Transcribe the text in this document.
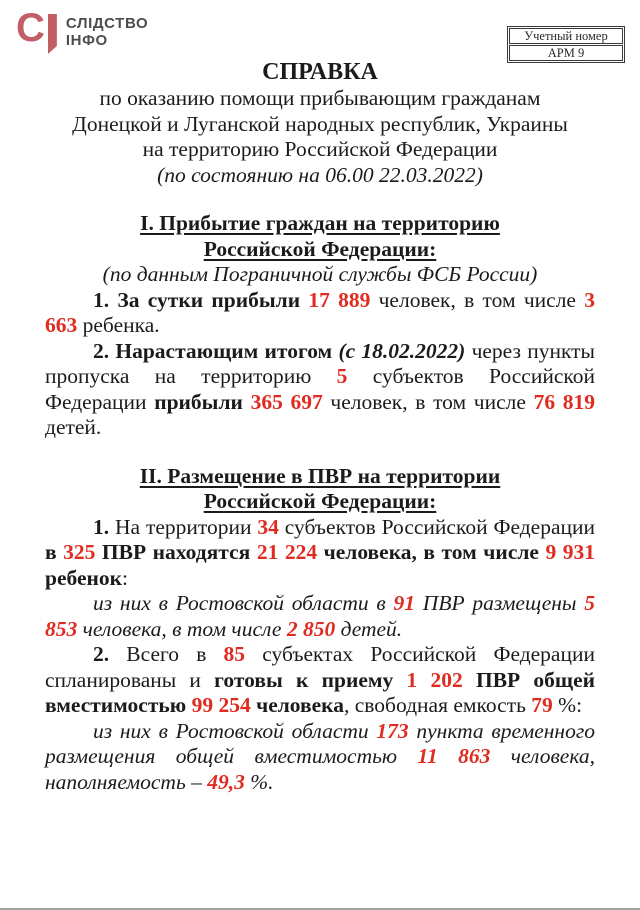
С СЛІДСТВО
ІНФО	Учетный номер
АРМ 9
СПРАВКА
по оказанию помощи прибывающим гражданам
Донецкой и Луганской народных республик, Украины
на территорию Российской Федерации
(по состоянию на 06.00 22.03.2022)
I. Прибытие граждан на территорию
Российской Федерации:
(по данным Пограничной службы ФСБ России)

1. За сутки прибыли 17 889 человек, в том числе 3 663 ребенка.

2. Нарастающим итогом (с 18.02.2022) через пункты пропуска на территорию 5 субъектов Российской Федерации прибыли 365 697 человек, в том числе 76 819 детей.

II. Размещение в ПВР на территории
Российской Федерации:

1. На территории 34 субъектов Российской Федерации в 325 ПВР находятся 21 224 человека, в том числе 9 931 ребенок:

из них в Ростовской области в 91 ПВР размещены 5 853 человека, в том числе 2 850 детей.

2. Всего в 85 субъектах Российской Федерации спланированы и готовы к приему 1 202 ПВР общей вместимостью 99 254 человека, свободная емкость 79 %:

из них в Ростовской области 173 пункта временного размещения общей вместимостью 11 863 человека, наполняемость – 49,3 %.
